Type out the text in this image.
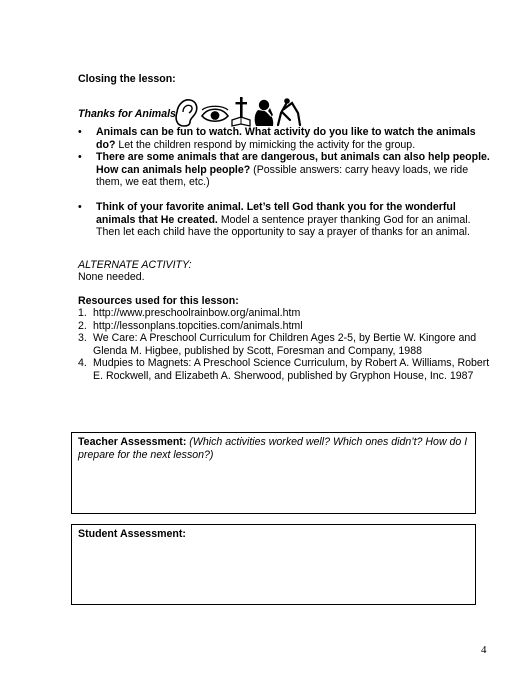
Closing the lesson:
Thanks for Animals
• Animals can be fun to watch. What activity do you like to watch the animals do? Let the children respond by mimicking the activity for the group.
• There are some animals that are dangerous, but animals can also help people. How can animals help people? (Possible answers: carry heavy loads, we ride them, we eat them, etc.)
• Think of your favorite animal. Let’s tell God thank you for the wonderful animals that He created. Model a sentence prayer thanking God for an animal. Then let each child have the opportunity to say a prayer of thanks for an animal.
ALTERNATE ACTIVITY:
None needed.
Resources used for this lesson:
1. http://www.preschoolrainbow.org/animal.htm
2. http://lessonplans.topcities.com/animals.html
3. We Care: A Preschool Curriculum for Children Ages 2-5, by Bertie W. Kingore and Glenda M. Higbee, published by Scott, Foresman and Company, 1988
4. Mudpies to Magnets: A Preschool Science Curriculum, by Robert A. Williams, Robert E. Rockwell, and Elizabeth A. Sherwood, published by Gryphon House, Inc. 1987
Teacher Assessment: (Which activities worked well? Which ones didn’t? How do I prepare for the next lesson?)
Student Assessment:
4
